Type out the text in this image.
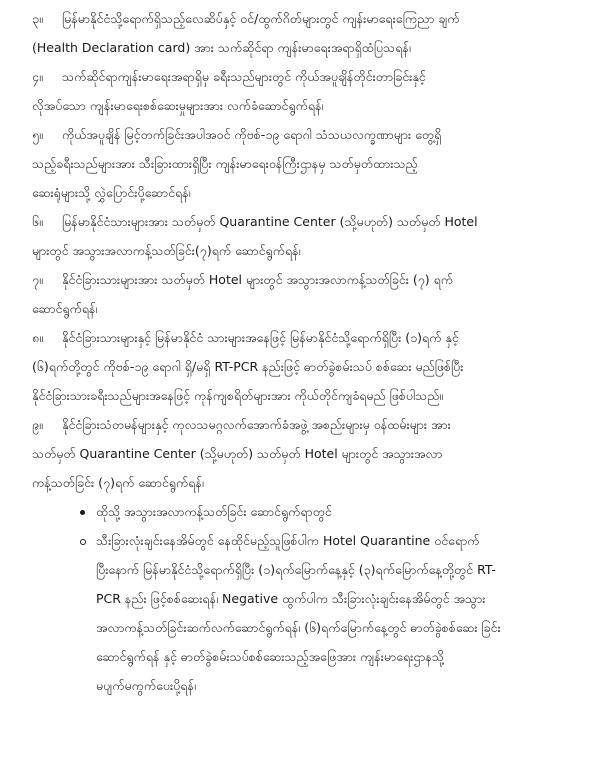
၃။	မြန်မာနိုင်ငံသို့ရောက်ရှိသည့်လေဆိပ်နှင့် ဝင်/ထွက်ဂိတ်များတွင် ကျန်းမာရေးကြေညာ ချက်
(Health Declaration card) အား သက်ဆိုင်ရာ ကျန်းမာရေးအရာရှိထံပြသရန်၊
၄။	သက်ဆိုင်ရာကျန်းမာရေးအရာရှိမှ ခရီးသည်များတွင် ကိုယ်အပူချိန်တိုင်းတာခြင်းနှင့်
လိုအပ်သော ကျန်းမာရေးစစ်ဆေးမှုများအား လက်ခံဆောင်ရွက်ရန်၊
၅။	ကိုယ်အပူချိန် မြင့်တက်ခြင်းအပါအဝင် ကိုဗစ်-၁၉ ရောဂါ သံသယလက္ခဏာများ တွေ့ရှိ
သည့်ခရီးသည်များအား သီးခြားထားရှိပြီး ကျန်းမာရေးဝန်ကြီးဌာနမှ သတ်မှတ်ထားသည့်
ဆေးရုံများသို့ လွှဲပြောင်းပို့ဆောင်ရန်၊
၆။	မြန်မာနိုင်ငံသားများအား သတ်မှတ် Quarantine Center (သို့မဟုတ်) သတ်မှတ် Hotel
များတွင် အသွားအလာကန့်သတ်ခြင်း(၇)ရက် ဆောင်ရွက်ရန်၊
၇။	နိုင်ငံခြားသားများအား သတ်မှတ် Hotel များတွင် အသွားအလာကန့်သတ်ခြင်း (၇) ရက်
ဆောင်ရွက်ရန်၊
၈။	နိုင်ငံခြားသားများနှင့် မြန်မာနိုင်ငံ သားများအနေဖြင့် မြန်မာနိုင်ငံသို့ရောက်ရှိပြီး (၁)ရက် နှင့်
(၆)ရက်တို့တွင် ကိုဗစ်-၁၉ ရောဂါ ရှိ/မရှိ RT-PCR နည်းဖြင့် ဓာတ်ခွဲစမ်းသပ် စစ်ဆေး မည်ဖြစ်ပြီး
နိုင်ငံခြားသားခရီးသည်များအနေဖြင့် ကုန်ကျစရိတ်များအား ကိုယ်တိုင်ကျခံရမည် ဖြစ်ပါသည်။
၉။	နိုင်ငံခြားသံတမန်များနှင့် ကုလသမဂ္ဂလက်အောက်ခံအဖွဲ့ အစည်းများမှ ဝန်ထမ်းများ အား
သတ်မှတ် Quarantine Center (သို့မဟုတ်) သတ်မှတ် Hotel များတွင် အသွားအလာ
ကန့်သတ်ခြင်း (၇)ရက် ဆောင်ရွက်ရန်၊
ထိုသို့ အသွားအလာကန့်သတ်ခြင်း ဆောင်ရွက်ရာတွင်
သီးခြားလုံးချင်းနေအိမ်တွင် နေထိုင်မည့်သူဖြစ်ပါက Hotel Quarantine ဝင်ရောက်
ပြီးနောက် မြန်မာနိုင်ငံသို့ရောက်ရှိပြီး (၁)ရက်မြောက်နေ့နှင့် (၃)ရက်မြောက်နေ့တို့တွင် RT-
PCR နည်း ဖြင့်စစ်ဆေးရန်၊ Negative ထွက်ပါက သီးခြားလုံးချင်းနေအိမ်တွင် အသွား
အလာကန့်သတ်ခြင်းဆက်လက်ဆောင်ရွက်ရန်၊ (၆)ရက်မြောက်နေ့တွင် ဓာတ်ခွဲစစ်ဆေး ခြင်း
ဆောင်ရွက်ရန် နှင့် ဓာတ်ခွဲစမ်းသပ်စစ်ဆေးသည့်အဖြေအား ကျန်းမာရေးဌာနသို့
မပျက်မကွက်ပေးပို့ရန်၊
